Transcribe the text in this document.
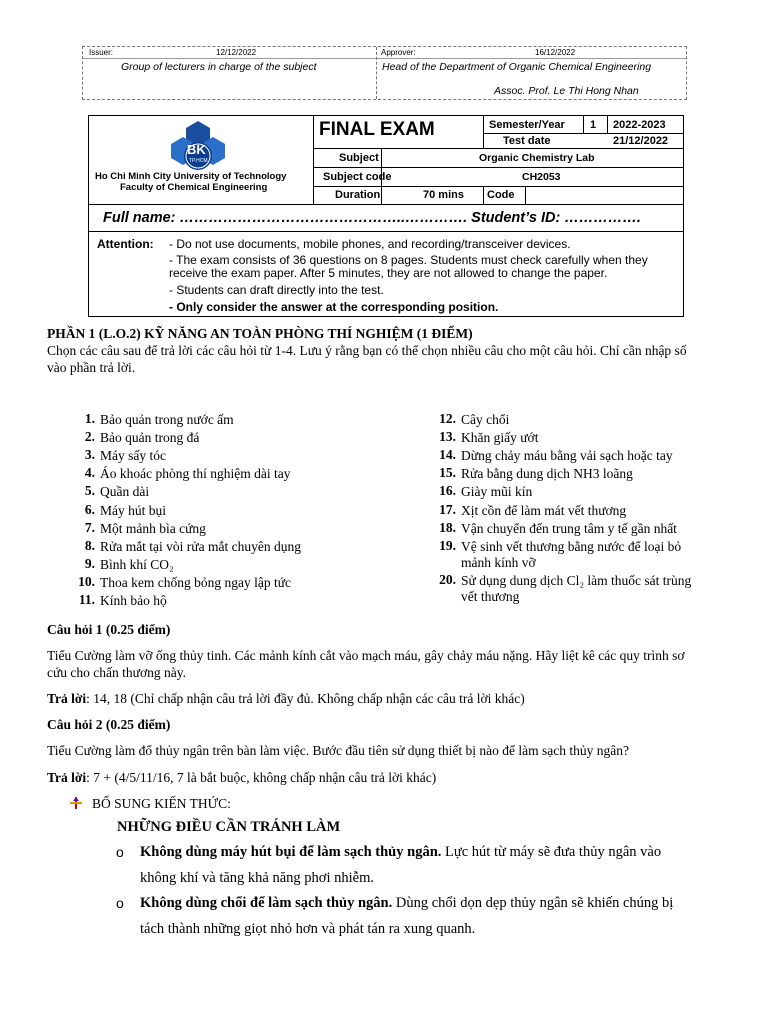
Issuer:	12/12/2022	Approver:	16/12/2022
Group of lecturers in charge of the subject	Head of the Department of Organic Chemical Engineering
Assoc. Prof. Le Thi Hong Nhan
BK
TP.HCM
Ho Chi Minh City University of Technology
Faculty of Chemical Engineering
FINAL EXAM	Semester/Year 1 2022-2023
Test date	21/12/2022
Subject	Organic Chemistry Lab
Subject code	CH2053
Duration	70 mins Code
Full name: ………………………………………..…………. Student’s ID: …………….
Attention: - Do not use documents, mobile phones, and recording/transceiver devices.
- The exam consists of 36 questions on 8 pages. Students must check carefully when they
receive the exam paper. After 5 minutes, they are not allowed to change the paper.
- Students can draft directly into the test.
- Only consider the answer at the corresponding position.
PHẦN 1 (L.O.2) KỸ NĂNG AN TOÀN PHÒNG THÍ NGHIỆM (1 ĐIỂM)
Chọn các câu sau để trả lời các câu hỏi từ 1-4. Lưu ý rằng bạn có thể chọn nhiều câu cho một câu hỏi. Chỉ cần nhập số
vào phần trả lời.
1. Bảo quản trong nước ấm
2. Bảo quản trong đá
3. Máy sấy tóc
4. Áo khoác phòng thí nghiệm dài tay
5. Quần dài
6. Máy hút bụi
7. Một mảnh bìa cứng
8. Rửa mắt tại vòi rửa mắt chuyên dụng
9. Bình khí CO₂
10. Thoa kem chống bỏng ngay lập tức
11. Kính bảo hộ
12. Cây chổi
13. Khăn giấy ướt
14. Dừng chảy máu bằng vải sạch hoặc tay
15. Rửa bằng dung dịch NH3 loãng
16. Giày mũi kín
17. Xịt cồn để làm mát vết thương
18. Vận chuyển đến trung tâm y tế gần nhất
19. Vệ sinh vết thương bằng nước để loại bỏ
mảnh kính vỡ
20. Sử dụng dung dịch Cl₂ làm thuốc sát trùng
vết thương
Câu hỏi 1 (0.25 điểm)
Tiểu Cường làm vỡ ống thủy tinh. Các mảnh kính cắt vào mạch máu, gây chảy máu nặng. Hãy liệt kê các quy trình sơ
cứu cho chấn thương này.
Trả lời: 14, 18 (Chỉ chấp nhận câu trả lời đầy đủ. Không chấp nhận các câu trả lời khác)
Câu hỏi 2 (0.25 điểm)
Tiểu Cường làm đổ thủy ngân trên bàn làm việc. Bước đầu tiên sử dụng thiết bị nào để làm sạch thủy ngân?
Trả lời: 7 + (4/5/11/16, 7 là bắt buộc, không chấp nhận câu trả lời khác)
BỔ SUNG KIẾN THỨC:
NHỮNG ĐIỀU CẦN TRÁNH LÀM
o Không dùng máy hút bụi để làm sạch thủy ngân. Lực hút từ máy sẽ đưa thủy ngân vào
không khí và tăng khả năng phơi nhiễm.
o Không dùng chổi để làm sạch thủy ngân. Dùng chổi dọn dẹp thủy ngân sẽ khiến chúng bị
tách thành những giọt nhỏ hơn và phát tán ra xung quanh.
